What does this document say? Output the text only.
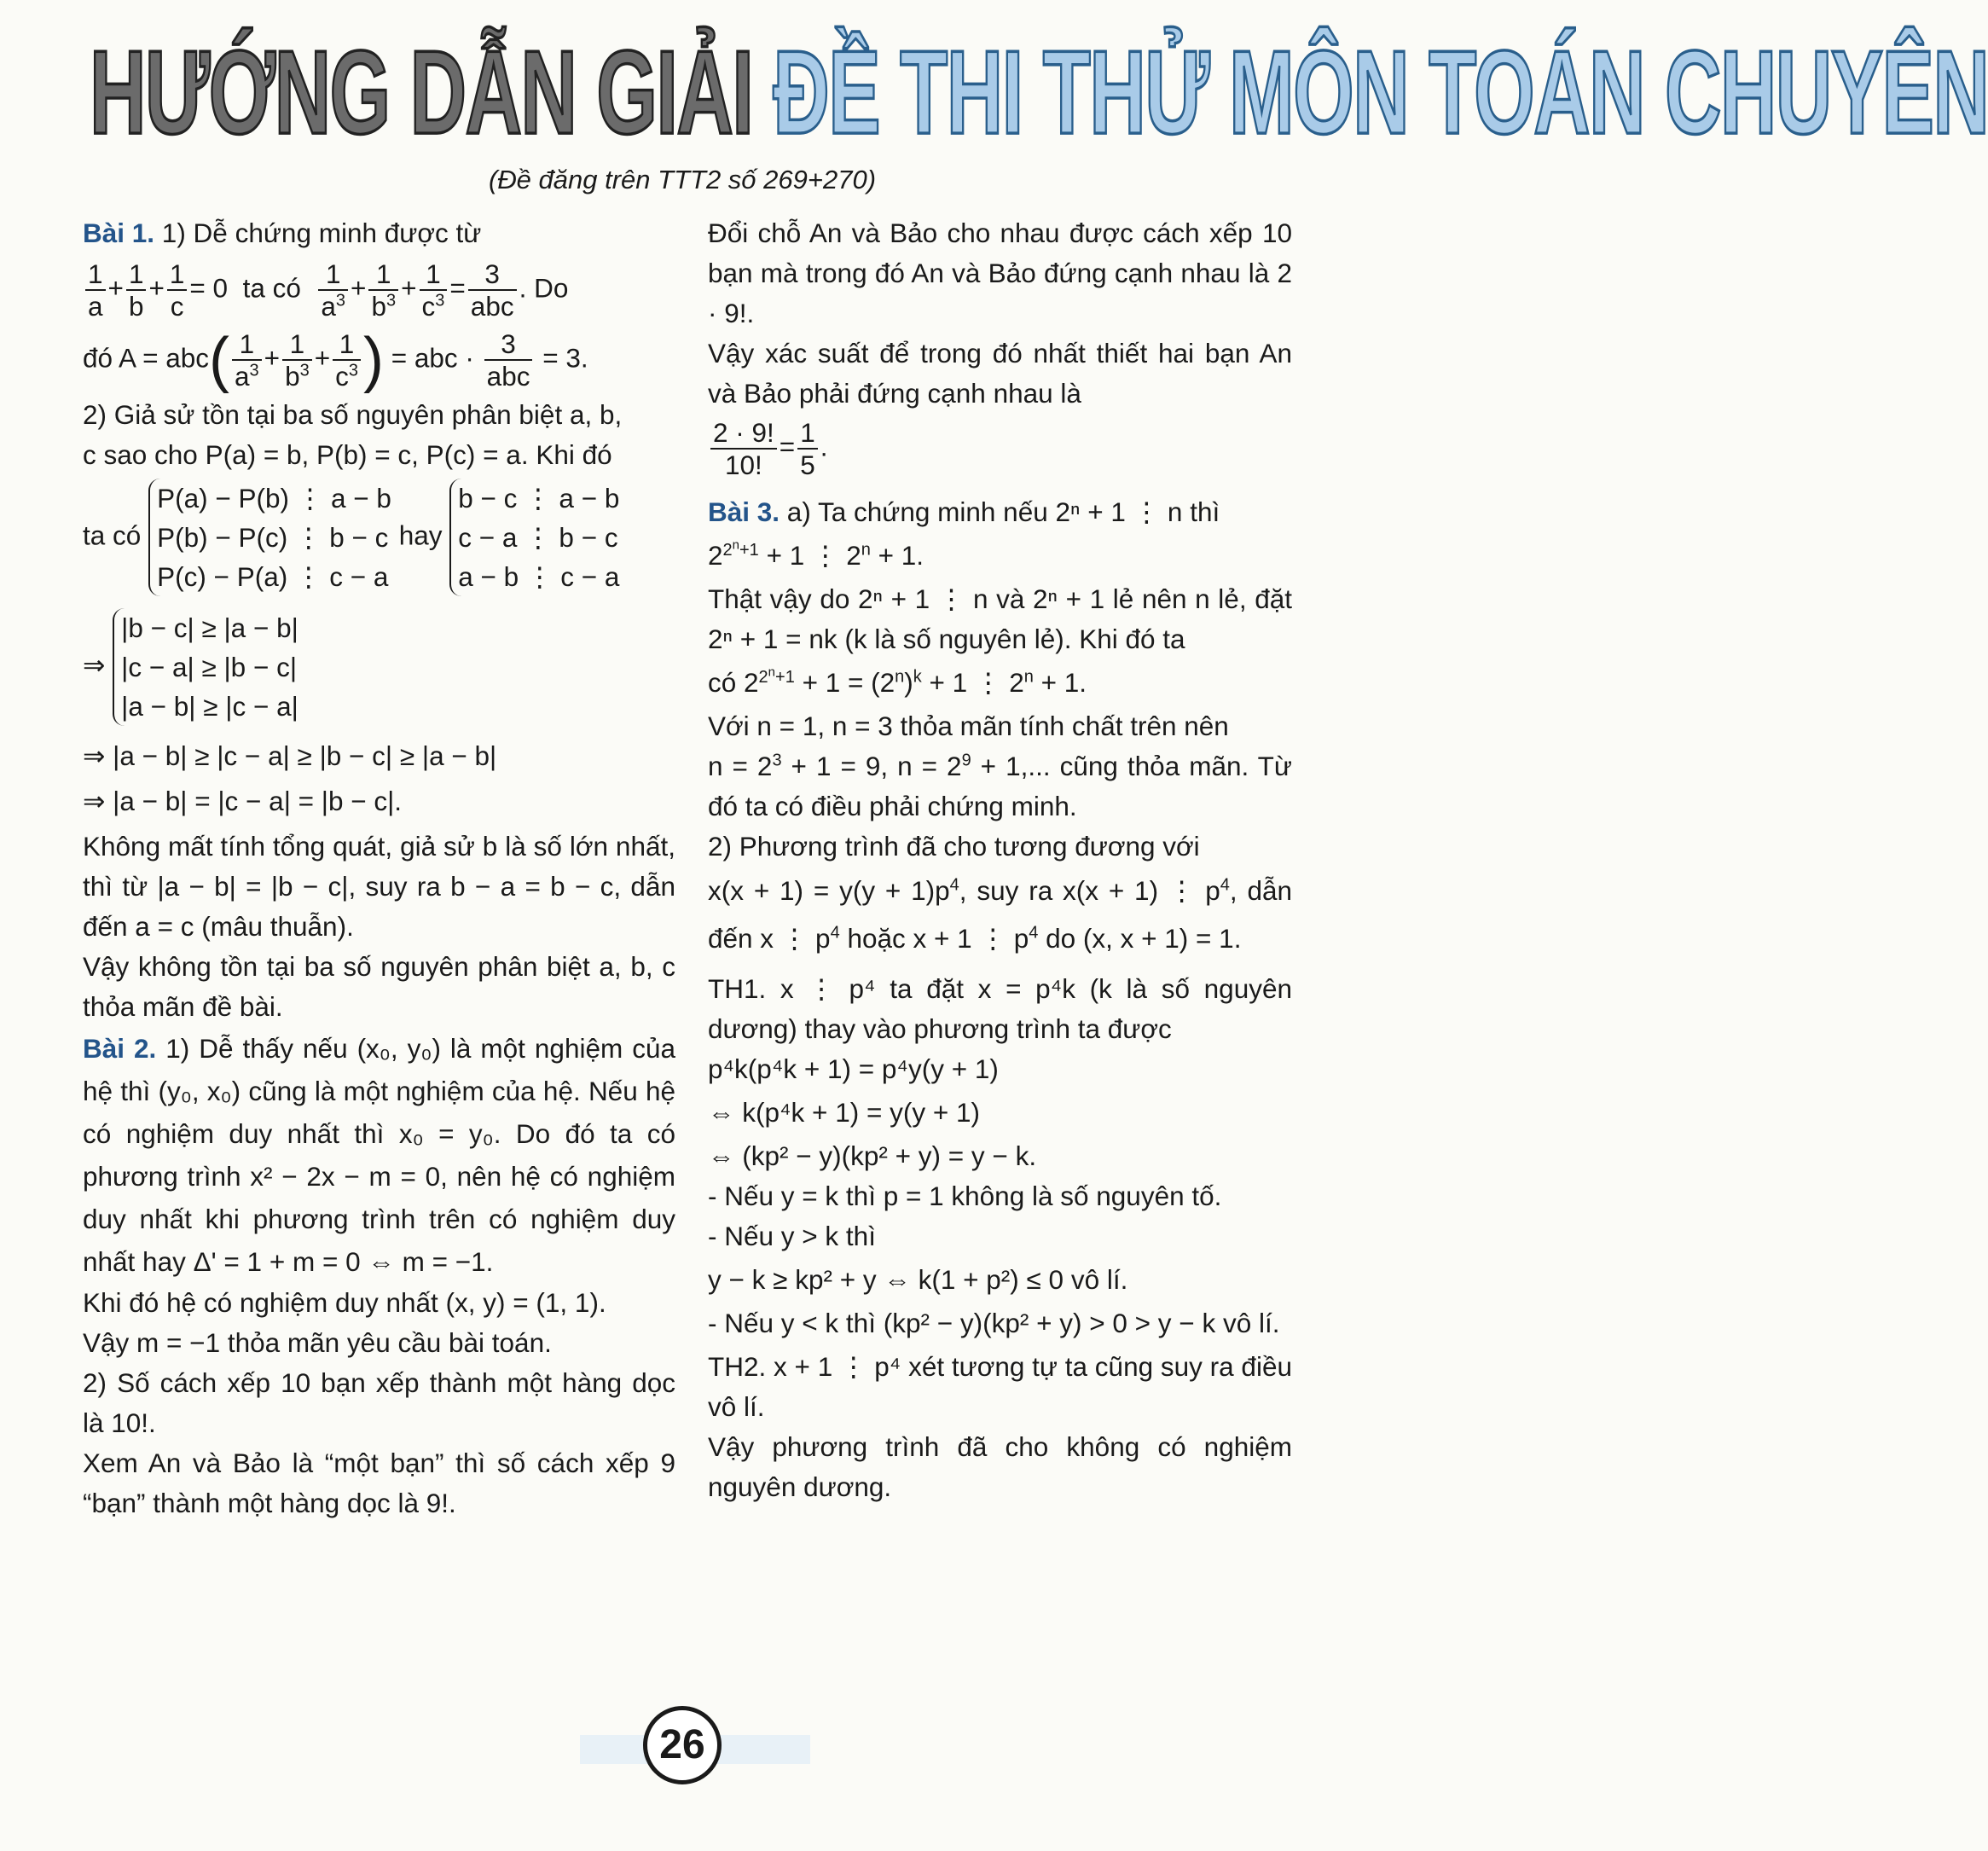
HƯỚNG DẪN GIẢI ĐỀ THI THỬ MÔN TOÁN CHUYÊN
(Đề đăng trên TTT2 số 269+270)

Bài 1. 1) Dễ chứng minh được từ

$\frac{1}{a} + \frac{1}{b} + \frac{1}{c} = 0$  ta có $\frac{1}{a^3} + \frac{1}{b^3} + \frac{1}{c^3} = \frac{3}{\text{abc}}$ . Do

đó $A = abc( \frac{1}{a^3} + \frac{1}{b^3} + \frac{1}{c^3}$ ) = abc · $\frac{3}{\text{abc}} = 3$.

2) Giả sử tồn tại ba số nguyên phân biệt a, b,

c sao cho P(a) = b, P(b) = c, P(c) = a. Khi đó

ta có
P(a) − P(b) ⋮ a − b
P(b) − P(c) ⋮ b − c
P(c) − P(a) ⋮ c − a
hay
b − c ⋮ a − b
c − a ⋮ b − c
a − b ⋮ c − a

⇒
|b − c| ≥ |a − b|
|c − a| ≥ |b − c|
|a − b| ≥ |c − a|

⇒ |a − b| ≥ |c − a| ≥ |b − c| ≥ |a − b|

⇒ |a − b| = |c − a| = |b − c|.

Không mất tính tổng quát, giả sử b là số lớn nhất, thì từ |a − b| = |b − c|, suy ra b − a = b − c, dẫn đến a = c (mâu thuẫn).

Vậy không tồn tại ba số nguyên phân biệt a, b, c thỏa mãn đề bài.

Bài 2. 1) Dễ thấy nếu (x₀, y₀) là một nghiệm của hệ thì (y₀, x₀) cũng là một nghiệm của hệ. Nếu hệ có nghiệm duy nhất thì x₀ = y₀. Do đó ta có phương trình x² − 2x − m = 0, nên hệ có nghiệm duy nhất khi phương trình trên có nghiệm duy nhất hay Δ' = 1 + m = 0 ⇔ m = −1.

Khi đó hệ có nghiệm duy nhất (x, y) = (1, 1).

Vậy m = −1 thỏa mãn yêu cầu bài toán.

2) Số cách xếp 10 bạn xếp thành một hàng dọc là 10!.

Xem An và Bảo là “một bạn” thì số cách xếp 9 “bạn” thành một hàng dọc là 9!.

Đổi chỗ An và Bảo cho nhau được cách xếp 10 bạn mà trong đó An và Bảo đứng cạnh nhau là 2 · 9!.

Vậy xác suất để trong đó nhất thiết hai bạn An và Bảo phải đứng cạnh nhau là

$\frac{2 \cdot 9!}{10!} = \frac{1}{5}$ .

Bài 3. a) Ta chứng minh nếu 2ⁿ + 1 ⋮ n thì

$2^{2^n+1} + 1$ ⋮ $2^n + 1$.

Thật vậy do 2ⁿ + 1 ⋮ n và 2ⁿ + 1 lẻ nên n lẻ, đặt 2ⁿ + 1 = nk (k là số nguyên lẻ). Khi đó ta

có $2^{2^n+1} + 1 = (2^n)^k + 1$ ⋮ $2^n + 1$.

Với n = 1, n = 3 thỏa mãn tính chất trên nên

$n = 2^3 + 1 = 9$, $n = 2^9 + 1$,... cũng thỏa mãn. Từ đó ta có điều phải chứng minh.

2) Phương trình đã cho tương đương với

$x(x + 1) = y(y + 1)p^4$, suy ra x(x + 1) ⋮ $p^4$, dẫn đến x ⋮ $p^4$ hoặc x + 1 ⋮ $p^4$ do (x, x + 1) = 1.

TH1. x ⋮ p⁴ ta đặt x = p⁴k (k là số nguyên dương) thay vào phương trình ta được

p⁴k(p⁴k + 1) = p⁴y(y + 1)

⇔ k(p⁴k + 1) = y(y + 1)

⇔ (kp² − y)(kp² + y) = y − k.

- Nếu y = k thì p = 1 không là số nguyên tố.

- Nếu y > k thì

y − k ≥ kp² + y ⇔ k(1 + p²) ≤ 0 vô lí.

- Nếu y < k thì (kp² − y)(kp² + y) > 0 > y − k vô lí.

TH2. x + 1 ⋮ p⁴ xét tương tự ta cũng suy ra điều vô lí.

Vậy phương trình đã cho không có nghiệm nguyên dương.

26
